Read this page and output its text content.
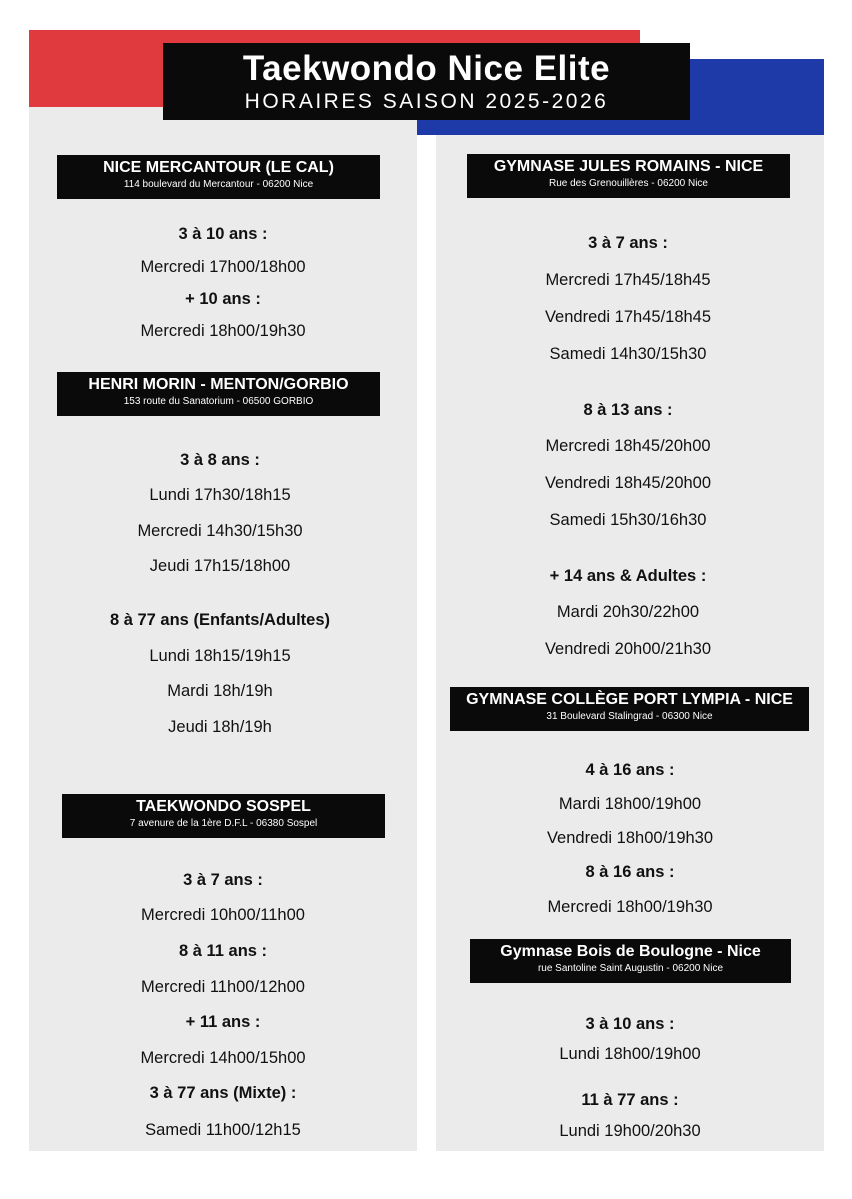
Taekwondo Nice Elite
HORAIRES SAISON 2025-2026
NICE MERCANTOUR (LE CAL)
114 boulevard du Mercantour - 06200 Nice
3 à 10 ans :
Mercredi 17h00/18h00
+ 10 ans :
Mercredi 18h00/19h30
HENRI MORIN - MENTON/GORBIO
153 route du Sanatorium - 06500 GORBIO
3 à 8 ans :
Lundi 17h30/18h15
Mercredi 14h30/15h30
Jeudi 17h15/18h00
8 à 77 ans (Enfants/Adultes)
Lundi 18h15/19h15
Mardi 18h/19h
Jeudi 18h/19h
TAEKWONDO SOSPEL
7 avenure de la 1ère D.F.L - 06380 Sospel
3 à 7 ans :
Mercredi 10h00/11h00
8 à 11 ans :
Mercredi 11h00/12h00
+ 11 ans :
Mercredi 14h00/15h00
3 à 77 ans (Mixte) :
Samedi 11h00/12h15
GYMNASE JULES ROMAINS - NICE
Rue des Grenouillères - 06200 Nice
3 à 7 ans :
Mercredi 17h45/18h45
Vendredi 17h45/18h45
Samedi 14h30/15h30
8 à 13 ans :
Mercredi 18h45/20h00
Vendredi 18h45/20h00
Samedi 15h30/16h30
+ 14 ans & Adultes :
Mardi 20h30/22h00
Vendredi 20h00/21h30
GYMNASE COLLÈGE PORT LYMPIA - NICE
31 Boulevard Stalingrad - 06300 Nice
4 à 16 ans :
Mardi 18h00/19h00
Vendredi 18h00/19h30
8 à 16 ans :
Mercredi 18h00/19h30
Gymnase Bois de Boulogne - Nice
rue Santoline Saint Augustin - 06200 Nice
3 à 10 ans :
Lundi 18h00/19h00
11 à 77 ans :
Lundi 19h00/20h30
